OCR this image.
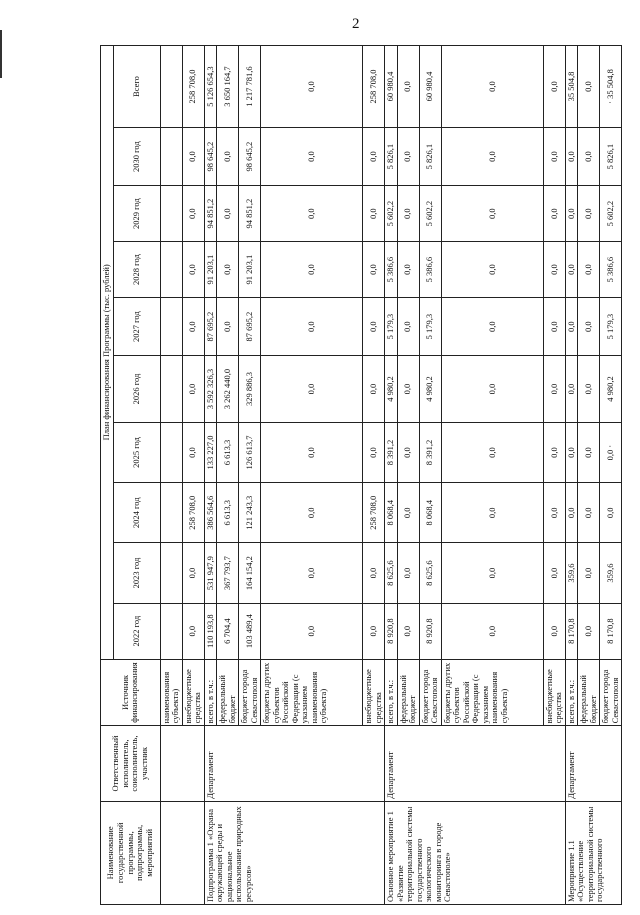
2
Наименование государственной программы, подпрограммы, мероприятий	Ответственный исполнитель, соисполнитель, участник	Источник финансирования	План финансирования Программы (тыс. рублей)									
			2022 год	2023 год	2024 год	2025 год	2026 год	2027 год	2028 год	2029 год	2030 год	Всего
		наименования субъекта)										
		внебюджетные средства	0,0	0,0	258 708,0	0,0	0,0	0,0	0,0	0,0	0,0	258 708,0
Подпрограмма 1 «Охрана окружающей среды и рациональное использование природных ресурсов»	Департамент	всего, в т.ч.:	110 193,8	531 947,9	386 564,6	133 227,0	3 592 326,3	87 695,2	91 203,1	94 851,2	98 645,2	5 126 654,3
		федеральный бюджет	6 704,4	367 793,7	6 613,3	6 613,3	3 262 440,0	0,0	0,0	0,0	0,0	3 650 164,7
		бюджет города Севастополя	103 489,4	164 154,2	121 243,3	126 613,7	329 886,3	87 695,2	91 203,1	94 851,2	98 645,2	1 217 781,6
		бюджеты других субъектов Российской Федерации (с указанием наименования субъекта)	0,0	0,0	0,0	0,0	0,0	0,0	0,0	0,0	0,0	0,0
		внебюджетные средства	0,0	0,0	258 708,0	0,0	0,0	0,0	0,0	0,0	0,0	258 708,0
Основное мероприятие 1 «Развитие территориальной системы государственного экологического мониторинга в городе Севастополе»	Департамент	всего, в т.ч.:	8 920,8	8 625,6	8 068,4	8 391,2	4 980,2	5 179,3	5 386,6	5 602,2	5 826,1	60 980,4
		федеральный бюджет	0,0	0,0	0,0	0,0	0,0	0,0	0,0	0,0	0,0	0,0
		бюджет города Севастополя	8 920,8	8 625,6	8 068,4	8 391,2	4 980,2	5 179,3	5 386,6	5 602,2	5 826,1	60 980,4
		бюджеты других субъектов Российской Федерации (с указанием наименования субъекта)	0,0	0,0	0,0	0,0	0,0	0,0	0,0	0,0	0,0	0,0
		внебюджетные средства	0,0	0,0	0,0	0,0	0,0	0,0	0,0	0,0	0,0	0,0
Мероприятие 1.1 «Осуществление территориальной системы государственного	Департамент	всего, в т.ч.:	8 170,8	359,6	0,0	0,0	0,0	0,0	0,0	0,0	0,0	35 504,8
		федеральный бюджет	0,0	0,0	0,0	0,0	0,0	0,0	0,0	0,0	0,0	0,0
		бюджет города Севастополя	8 170,8	359,6	0,0	0,0 ·	4 980,2	5 179,3	5 386,6	5 602,2	5 826,1	· 35 504,8
